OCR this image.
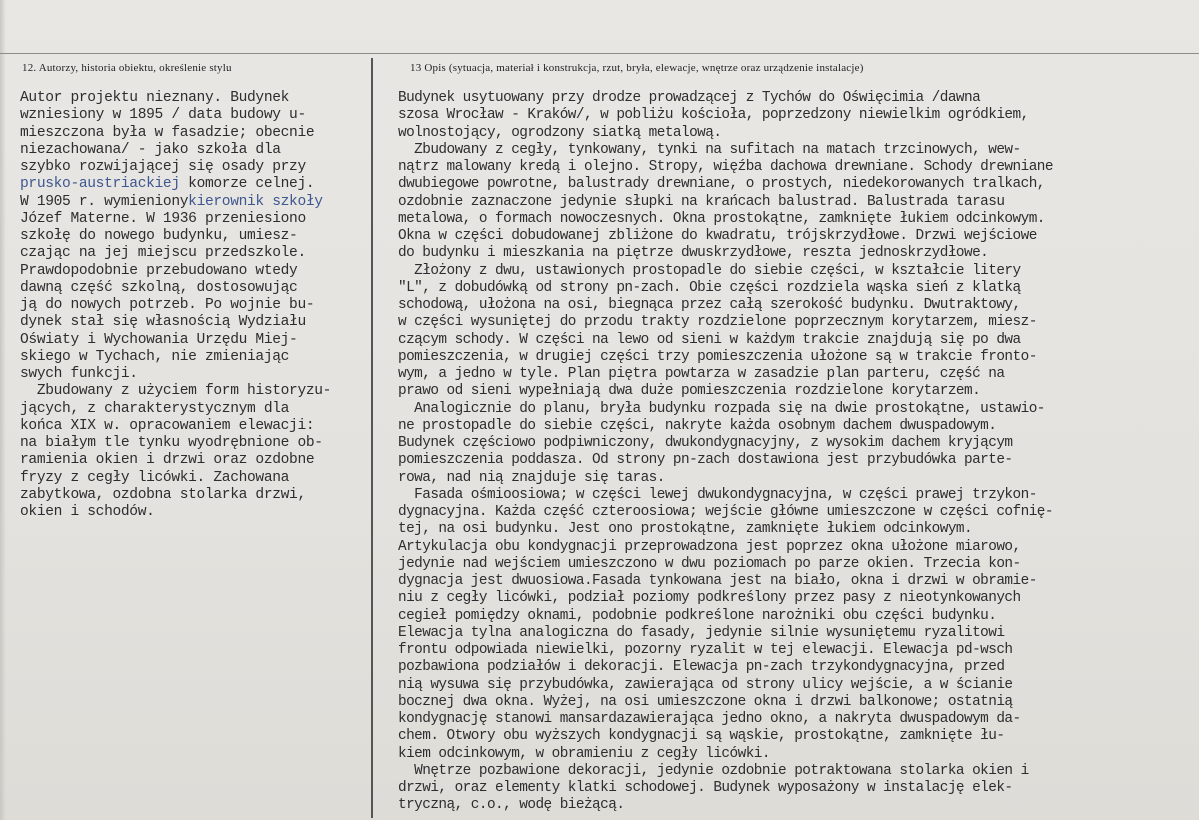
12. Autorzy, historia obiektu, określenie stylu	13 Opis (sytuacja, materiał i konstrukcja, rzut, bryła, elewacje, wnętrze oraz urządzenie instalacje)
Autor projektu nieznany. Budynek
wzniesiony w 1895 / data budowy u-
mieszczona była w fasadzie; obecnie
niezachowana/ - jako szkoła dla
szybko rozwijającej się osady przy
prusko-austriackiej komorze celnej.
W 1905 r. wymienionykierownik szkoły
Józef Materne. W 1936 przeniesiono
szkołę do nowego budynku, umiesz-
czając na jej miejscu przedszkole.
Prawdopodobnie przebudowano wtedy
dawną część szkolną, dostosowując
ją do nowych potrzeb. Po wojnie bu-
dynek stał się własnością Wydziału
Oświaty i Wychowania Urzędu Miej-
skiego w Tychach, nie zmieniając
swych funkcji.
Zbudowany z użyciem form historyzu-
jących, z charakterystycznym dla
końca XIX w. opracowaniem elewacji:
na białym tle tynku wyodrębnione ob-
ramienia okien i drzwi oraz ozdobne
fryzy z cegły licówki. Zachowana
zabytkowa, ozdobna stolarka drzwi,
okien i schodów.
Budynek usytuowany przy drodze prowadzącej z Tychów do Oświęcimia /dawna
szosa Wrocław - Kraków/, w pobliżu kościoła, poprzedzony niewielkim ogródkiem,
wolnostojący, ogrodzony siatką metalową.
Zbudowany z cegły, tynkowany, tynki na sufitach na matach trzcinowych, wew-
nątrz malowany kredą i olejno. Stropy, więźba dachowa drewniane. Schody drewniane
dwubiegowe powrotne, balustrady drewniane, o prostych, niedekorowanych tralkach,
ozdobnie zaznaczone jedynie słupki na krańcach balustrad. Balustrada tarasu
metalowa, o formach nowoczesnych. Okna prostokątne, zamknięte łukiem odcinkowym.
Okna w części dobudowanej zbliżone do kwadratu, trójskrzydłowe. Drzwi wejściowe
do budynku i mieszkania na piętrze dwuskrzydłowe, reszta jednoskrzydłowe.
Złożony z dwu, ustawionych prostopadle do siebie części, w kształcie litery
"L", z dobudówką od strony pn-zach. Obie części rozdziela wąska sień z klatką
schodową, ułożona na osi, biegnąca przez całą szerokość budynku. Dwutraktowy,
w części wysuniętej do przodu trakty rozdzielone poprzecznym korytarzem, miesz-
czącym schody. W części na lewo od sieni w każdym trakcie znajdują się po dwa
pomieszczenia, w drugiej części trzy pomieszczenia ułożone są w trakcie fronto-
wym, a jedno w tyle. Plan piętra powtarza w zasadzie plan parteru, część na
prawo od sieni wypełniają dwa duże pomieszczenia rozdzielone korytarzem.
Analogicznie do planu, bryła budynku rozpada się na dwie prostokątne, ustawio-
ne prostopadle do siebie części, nakryte każda osobnym dachem dwuspadowym.
Budynek częściowo podpiwniczony, dwukondygnacyjny, z wysokim dachem kryjącym
pomieszczenia poddasza. Od strony pn-zach dostawiona jest przybudówka parte-
rowa, nad nią znajduje się taras.
Fasada ośmioosiowa; w części lewej dwukondygnacyjna, w części prawej trzykon-
dygnacyjna. Każda część czteroosiowa; wejście główne umieszczone w części cofnię-
tej, na osi budynku. Jest ono prostokątne, zamknięte łukiem odcinkowym.
Artykulacja obu kondygnacji przeprowadzona jest poprzez okna ułożone miarowo,
jedynie nad wejściem umieszczono w dwu poziomach po parze okien. Trzecia kon-
dygnacja jest dwuosiowa.Fasada tynkowana jest na biało, okna i drzwi w obramie-
niu z cegły licówki, podział poziomy podkreślony przez pasy z nieotynkowanych
cegieł pomiędzy oknami, podobnie podkreślone narożniki obu części budynku.
Elewacja tylna analogiczna do fasady, jedynie silnie wysuniętemu ryzalitowi
frontu odpowiada niewielki, pozorny ryzalit w tej elewacji. Elewacja pd-wsch
pozbawiona podziałów i dekoracji. Elewacja pn-zach trzykondygnacyjna, przed
nią wysuwa się przybudówka, zawierająca od strony ulicy wejście, a w ścianie
bocznej dwa okna. Wyżej, na osi umieszczone okna i drzwi balkonowe; ostatnią
kondygnację stanowi mansardazawierająca jedno okno, a nakryta dwuspadowym da-
chem. Otwory obu wyższych kondygnacji są wąskie, prostokątne, zamknięte łu-
kiem odcinkowym, w obramieniu z cegły licówki.
Wnętrze pozbawione dekoracji, jedynie ozdobnie potraktowana stolarka okien i
drzwi, oraz elementy klatki schodowej. Budynek wyposażony w instalację elek-
tryczną, c.o., wodę bieżącą.
